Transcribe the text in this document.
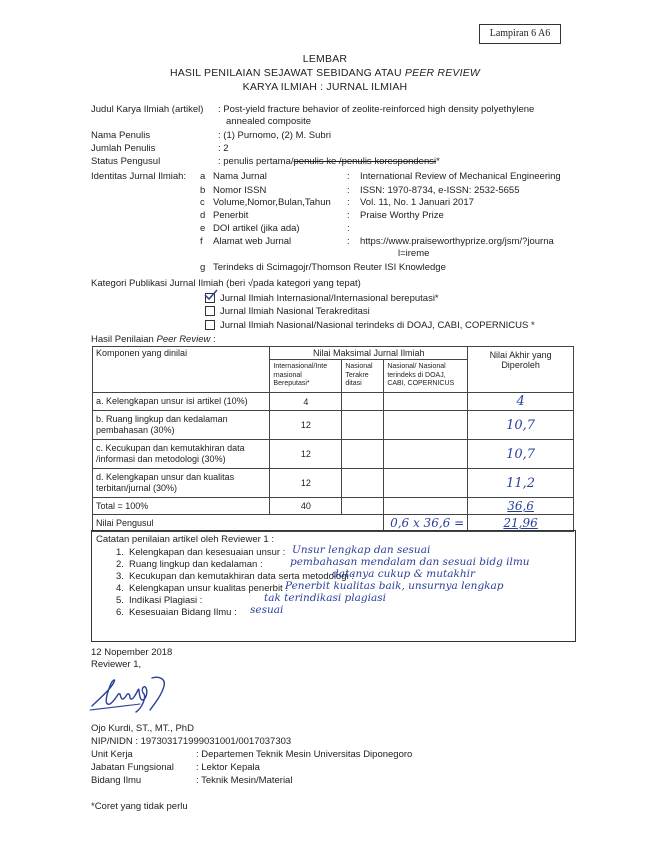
Lampiran 6 A6
LEMBAR
HASIL PENILAIAN SEJAWAT SEBIDANG ATAU PEER REVIEW
KARYA ILMIAH : JURNAL ILMIAH
Judul Karya Ilmiah (artikel) : Post-yield fracture behavior of zeolite-reinforced high density polyethylene
annealed composite
Nama Penulis	: (1) Purnomo, (2) M. Subri
Jumlah Penulis	: 2
Status Pengusul	: penulis pertama/penulis ke /penulis korespondensi*
Identitas Jurnal Ilmiah: a Nama Jurnal	: International Review of Mechanical Engineering
b Nomor ISSN	: ISSN: 1970-8734, e-ISSN: 2532-5655
c Volume,Nomor,Bulan,Tahun : Vol. 11, No. 1 Januari 2017
d Penerbit	: Praise Worthy Prize
e DOI artikel (jika ada)	:
f Alamat web Jurnal	: https://www.praiseworthyprize.org/jsm/?journa
l=ireme
g Terindeks di Scimagojr/Thomson Reuter ISI Knowledge
Kategori Publikasi Jurnal Ilmiah (beri √pada kategori yang tepat)
Jurnal Ilmiah Internasional/Internasional bereputasi*
Jurnal Ilmiah Nasional Terakreditasi
Jurnal Ilmiah Nasional/Nasional terindeks di DOAJ, CABI, COPERNICUS *
Hasil Penilaian Peer Review :
Komponen yang dinilai	Nilai Maksimal Jurnal Ilmiah			Nilai Akhir yang Diperoleh
	Internasional/Inte rnasional Bereputasi*	Nasional Terakre ditasi	Nasional/ Nasional terindeks di DOAJ, CABI, COPERNICUS	
a. Kelengkapan unsur isi artikel (10%)	4			4
b. Ruang lingkup dan kedalaman pembahasan (30%)	12			10,7
c. Kecukupan dan kemutakhiran data /informasi dan metodologi (30%)	12			10,7
d. Kelengkapan unsur dan kualitas terbitan/jurnal (30%)	12			11,2
Total = 100%	40			36,6
Nilai Pengusul			0,6 x 36,6 =	21,96
Catatan penilaian artikel oleh Reviewer 1 :
1. Kelengkapan dan kesesuaian unsur : Unsur lengkap dan sesuai
2. Ruang lingkup dan kedalaman :	pembahasan mendalam dan sesuai bidg ilmu
3. Kecukupan dan kemutakhiran data serta metodologi :
datanya cukup & mutakhir
4. Kelengkapan unsur kualitas penerbit :
Penerbit kualitas baik, unsurnya lengkap
5. Indikasi Plagiasi :	tak terindikasi plagiasi
6. Kesesuaian Bidang Ilmu : sesuai
12 Nopember 2018
Reviewer 1,
Ojo Kurdi, ST., MT., PhD
NIP/NIDN : 197303171999031001/0017037303
Unit Kerja	: Departemen Teknik Mesin Universitas Diponegoro
Jabatan Fungsional : Lektor Kepala
Bidang Ilmu	: Teknik Mesin/Material
*Coret yang tidak perlu
